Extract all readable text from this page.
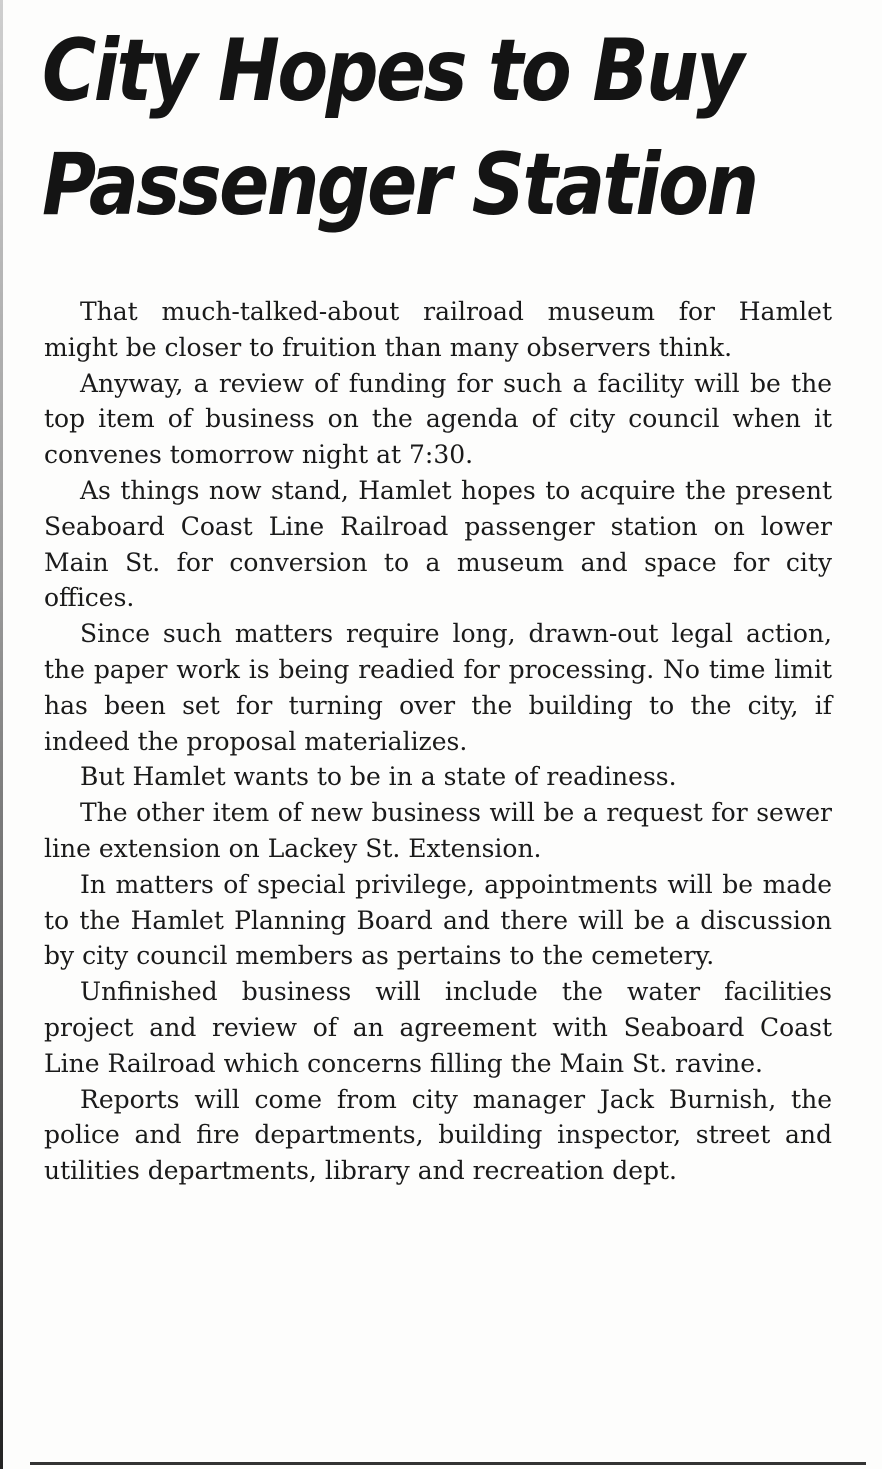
City Hopes to Buy
Passenger Station

That much-talked-about railroad museum for Hamlet might be closer to fruition than many observers think.

Anyway, a review of funding for such a facility will be the top item of business on the agenda of city council when it convenes tomorrow night at 7:30.

As things now stand, Hamlet hopes to acquire the present Seaboard Coast Line Railroad passenger station on lower Main St. for conversion to a museum and space for city offices.

Since such matters require long, drawn-out legal action, the paper work is being readied for processing. No time limit has been set for turning over the building to the city, if indeed the proposal materializes.

But Hamlet wants to be in a state of readiness.

The other item of new business will be a request for sewer line extension on Lackey St. Extension.

In matters of special privilege, appointments will be made to the Hamlet Planning Board and there will be a discussion by city council members as pertains to the cemetery.

Unfinished business will include the water facilities project and review of an agreement with Seaboard Coast Line Railroad which concerns filling the Main St. ravine.

Reports will come from city manager Jack Burnish, the police and fire departments, building inspector, street and utilities departments, library and recreation dept.
